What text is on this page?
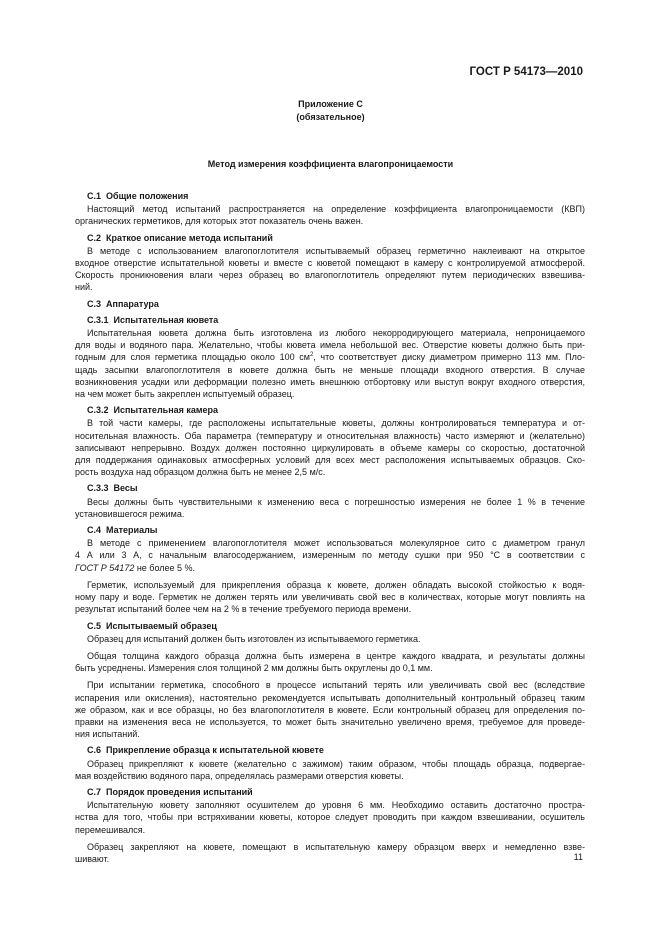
ГОСТ Р 54173—2010
Приложение С
(обязательное)
Метод измерения коэффициента влагопроницаемости
С.1 Общие положения
Настоящий метод испытаний распространяется на определение коэффициента влагопроницаемости (КВП)
органических герметиков, для которых этот показатель очень важен.
С.2 Краткое описание метода испытаний
В методе с использованием влагопоглотителя испытываемый образец герметично наклеивают на открытое
входное отверстие испытательной кюветы и вместе с кюветой помещают в камеру с контролируемой атмосферой.
Скорость проникновения влаги через образец во влагопоглотитель определяют путем периодических взвешива-
ний.
С.3 Аппаратура
С.3.1 Испытательная кювета
Испытательная кювета должна быть изготовлена из любого некорродирующего материала, непроницаемого
для воды и водяного пара. Желательно, чтобы кювета имела небольшой вес. Отверстие кюветы должно быть при-
годным для слоя герметика площадью около 100 $см^2$, что соответствует диску диаметром примерно 113 мм. Пло-
щадь засыпки влагопоглотителя в кювете должна быть не меньше площади входного отверстия. В случае
возникновения усадки или деформации полезно иметь внешнюю отбортовку или выступ вокруг входного отверстия,
на чем может быть закреплен испытуемый образец.
С.3.2 Испытательная камера
В той части камеры, где расположены испытательные кюветы, должны контролироваться температура и от-
носительная влажность. Оба параметра (температуру и относительная влажность) часто измеряют и (желательно)
записывают непрерывно. Воздух должен постоянно циркулировать в объеме камеры со скоростью, достаточной
для поддержания одинаковых атмосферных условий для всех мест расположения испытываемых образцов. Ско-
рость воздуха над образцом должна быть не менее 2,5 м/с.
С.3.3 Весы
Весы должны быть чувствительными к изменению веса с погрешностью измерения не более 1 % в течение
установившегося режима.
С.4 Материалы
В методе с применением влагопоглотителя может использоваться молекулярное сито с диаметром гранул
4 А или 3 А, с начальным влагосодержанием, измеренным по методу сушки при 950 °С в соответствии с
ГОСТ Р 54172 не более 5 %.
Герметик, используемый для прикрепления образца к кювете, должен обладать высокой стойкостью к водя-
ному пару и воде. Герметик не должен терять или увеличивать свой вес в количествах, которые могут повлиять на
результат испытаний более чем на 2 % в течение требуемого периода времени.
С.5 Испытываемый образец
Образец для испытаний должен быть изготовлен из испытываемого герметика.
Общая толщина каждого образца должна быть измерена в центре каждого квадрата, и результаты должны
быть усреднены. Измерения слоя толщиной 2 мм должны быть округлены до 0,1 мм.
При испытании герметика, способного в процессе испытаний терять или увеличивать свой вес (вследствие
испарения или окисления), настоятельно рекомендуется испытывать дополнительный контрольный образец таким
же образом, как и все образцы, но без влагопоглотителя в кювете. Если контрольный образец для определения по-
правки на изменения веса не используется, то может быть значительно увеличено время, требуемое для проведе-
ния испытаний.
С.6 Прикрепление образца к испытательной кювете
Образец прикрепляют к кювете (желательно с зажимом) таким образом, чтобы площадь образца, подвергае-
мая воздействию водяного пара, определялась размерами отверстия кюветы.
С.7 Порядок проведения испытаний
Испытательную кювету заполняют осушителем до уровня 6 мм. Необходимо оставить достаточно простра-
нства для того, чтобы при встряхивании кюветы, которое следует проводить при каждом взвешивании, осушитель
перемешивался.
Образец закрепляют на кювете, помещают в испытательную камеру образцом вверх и немедленно взве-
шивают.	11
